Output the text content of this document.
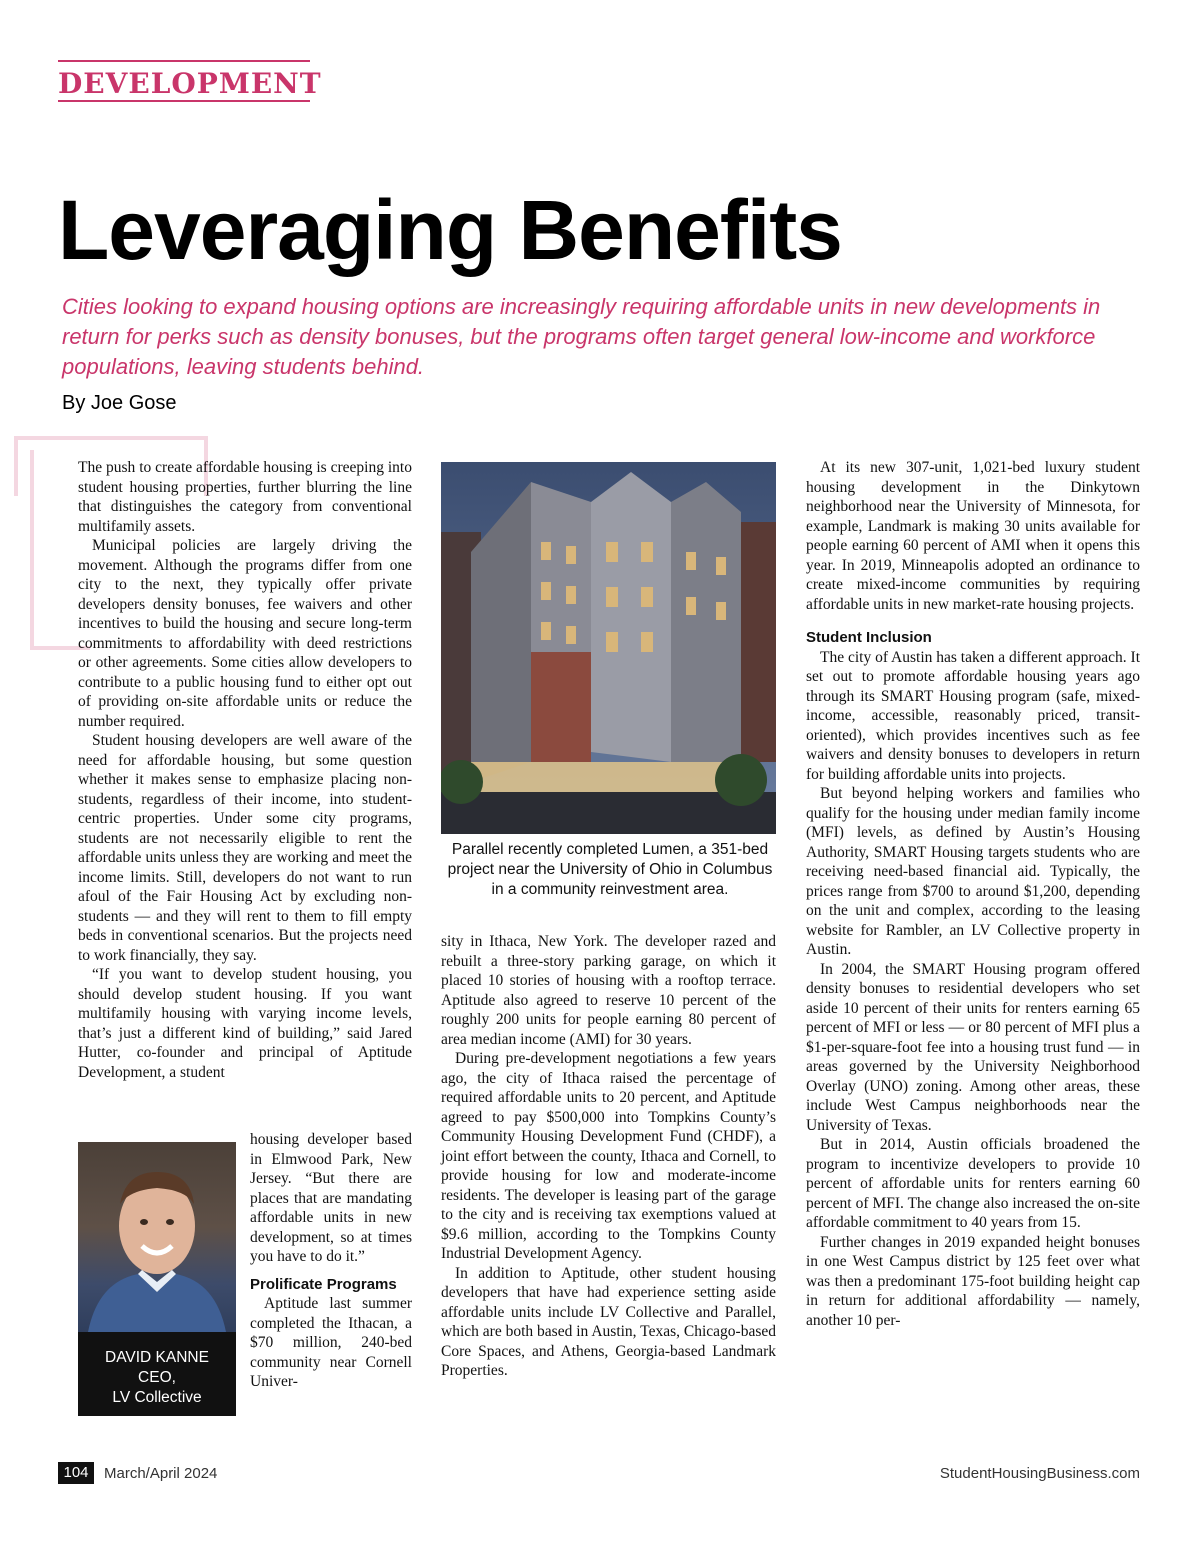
DEVELOPMENT
Leveraging Benefits
Cities looking to expand housing options are increasingly requiring affordable units in new developments in return for perks such as density bonuses, but the programs often target general low-income and workforce populations, leaving students behind.
By Joe Gose

The push to create affordable housing is creeping into student housing properties, further blurring the line that distinguishes the category from conventional multifamily assets.

Municipal policies are largely driving the movement. Although the programs differ from one city to the next, they typically offer private developers density bonuses, fee waivers and other incentives to build the housing and secure long-term commitments to affordability with deed restrictions or other agreements. Some cities allow developers to contribute to a public housing fund to either opt out of providing on-site affordable units or reduce the number required.

Student housing developers are well aware of the need for affordable housing, but some question whether it makes sense to emphasize placing non-students, regardless of their income, into student-centric properties. Under some city programs, students are not necessarily eligible to rent the affordable units unless they are working and meet the income limits. Still, developers do not want to run afoul of the Fair Housing Act by excluding non-students — and they will rent to them to fill empty beds in conventional scenarios. But the projects need to work financially, they say.

“If you want to develop student housing, you should develop student housing. If you want multifamily housing with varying income levels, that’s just a different kind of building,” said Jared Hutter, co-founder and principal of Aptitude Development, a student

DAVID KANNE
CEO,
LV Collective

housing developer based in Elmwood Park, New Jersey. “But there are places that are mandating affordable units in new development, so at times you have to do it.”

Prolificate Programs

Aptitude last summer completed the Ithacan, a $70 million, 240-bed community near Cornell Univer-

Parallel recently completed Lumen, a 351-bed project near the University of Ohio in Columbus in a community reinvestment area.

sity in Ithaca, New York. The developer razed and rebuilt a three-story parking garage, on which it placed 10 stories of housing with a rooftop terrace. Aptitude also agreed to reserve 10 percent of the roughly 200 units for people earning 80 percent of area median income (AMI) for 30 years.

During pre-development negotiations a few years ago, the city of Ithaca raised the percentage of required affordable units to 20 percent, and Aptitude agreed to pay $500,000 into Tompkins County’s Community Housing Development Fund (CHDF), a joint effort between the county, Ithaca and Cornell, to provide housing for low and moderate-income residents. The developer is leasing part of the garage to the city and is receiving tax exemptions valued at $9.6 million, according to the Tompkins County Industrial Development Agency.

In addition to Aptitude, other student housing developers that have had experience setting aside affordable units include LV Collective and Parallel, which are both based in Austin, Texas, Chicago-based Core Spaces, and Athens, Georgia-based Landmark Properties.

At its new 307-unit, 1,021-bed luxury student housing development in the Dinkytown neighborhood near the University of Minnesota, for example, Landmark is making 30 units available for people earning 60 percent of AMI when it opens this year. In 2019, Minneapolis adopted an ordinance to create mixed-income communities by requiring affordable units in new market-rate housing projects.

Student Inclusion

The city of Austin has taken a different approach. It set out to promote affordable housing years ago through its SMART Housing program (safe, mixed-income, accessible, reasonably priced, transit-oriented), which provides incentives such as fee waivers and density bonuses to developers in return for building affordable units into projects.

But beyond helping workers and families who qualify for the housing under median family income (MFI) levels, as defined by Austin’s Housing Authority, SMART Housing targets students who are receiving need-based financial aid. Typically, the prices range from $700 to around $1,200, depending on the unit and complex, according to the leasing website for Rambler, an LV Collective property in Austin.

In 2004, the SMART Housing program offered density bonuses to residential developers who set aside 10 percent of their units for renters earning 65 percent of MFI or less — or 80 percent of MFI plus a $1-per-square-foot fee into a housing trust fund — in areas governed by the University Neighborhood Overlay (UNO) zoning. Among other areas, these include West Campus neighborhoods near the University of Texas.

But in 2014, Austin officials broadened the program to incentivize developers to provide 10 percent of affordable units for renters earning 60 percent of MFI. The change also increased the on-site affordable commitment to 40 years from 15.

Further changes in 2019 expanded height bonuses in one West Campus district by 125 feet over what was then a predominant 175-foot building height cap in return for additional affordability — namely, another 10 per-

104	March/April 2024	StudentHousingBusiness.com
